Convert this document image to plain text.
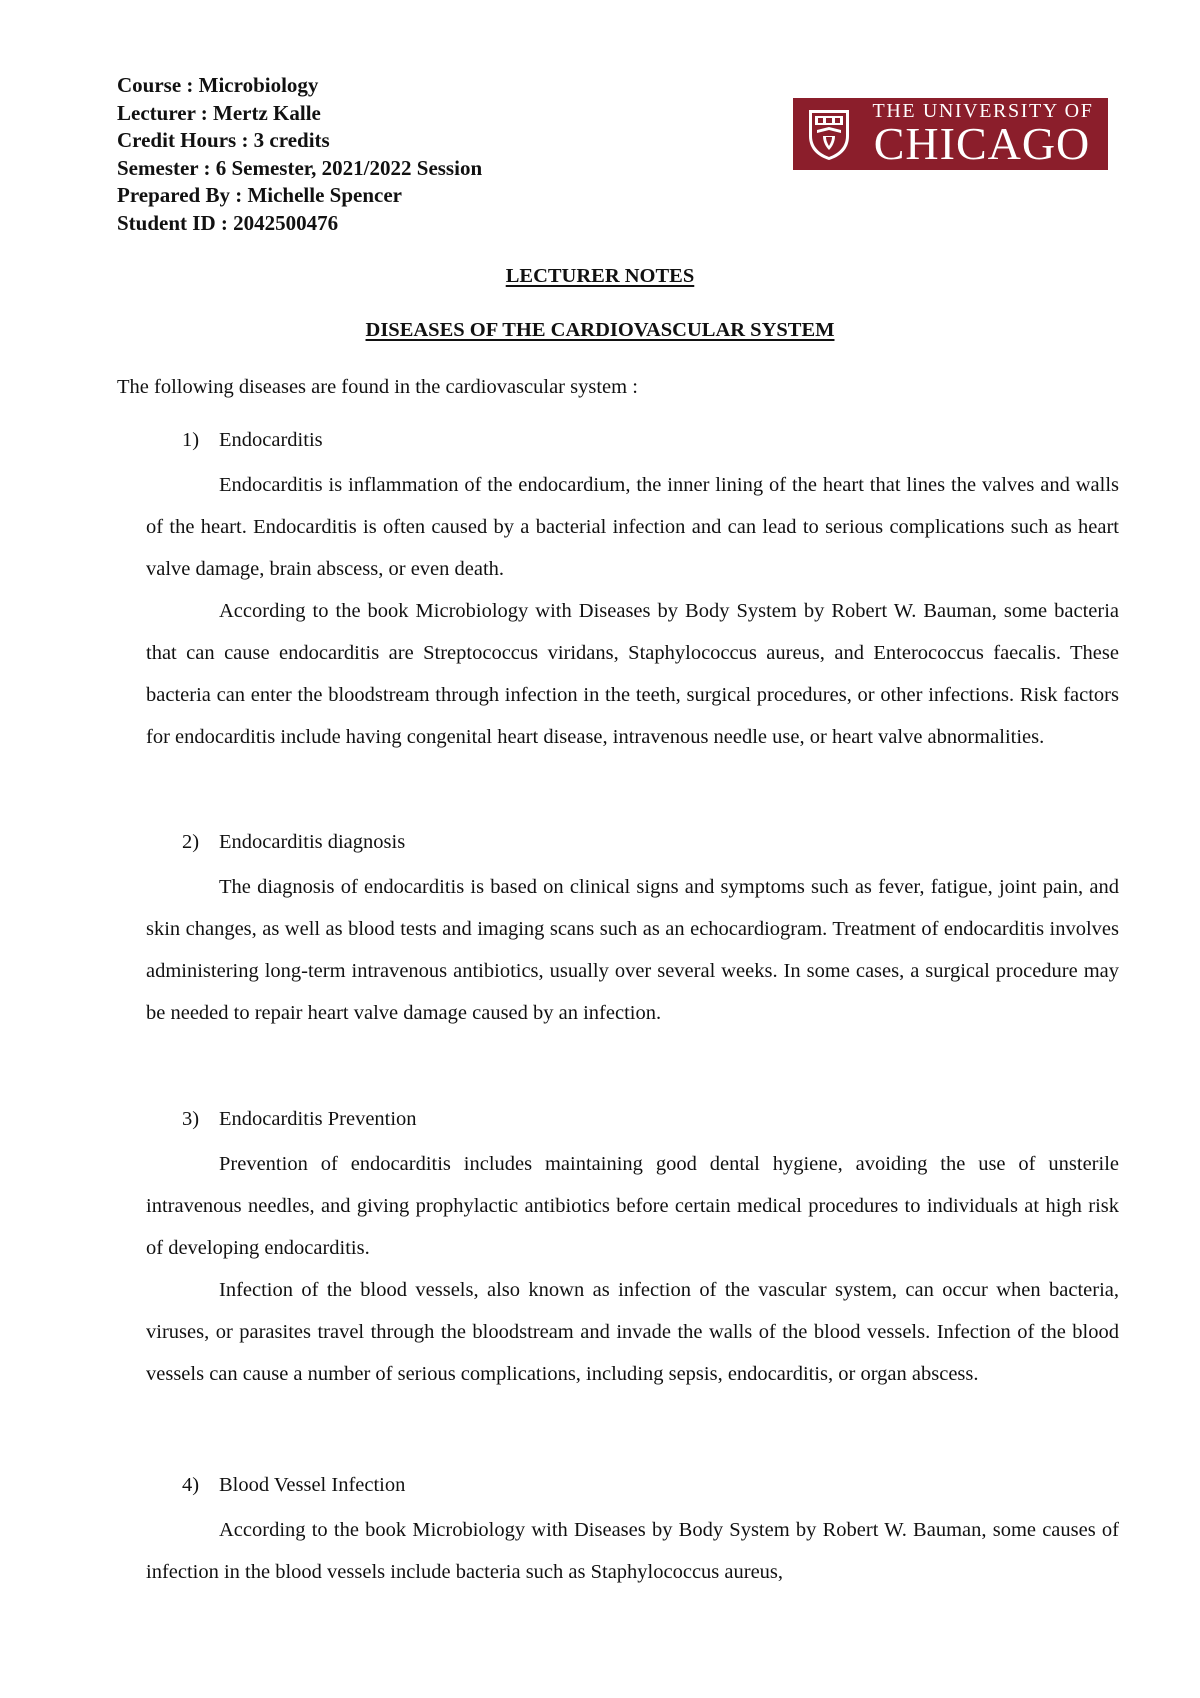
Course : Microbiology
Lecturer : Mertz Kalle
Credit Hours : 3 credits
Semester : 6 Semester, 2021/2022 Session
Prepared By : Michelle Spencer
Student ID : 2042500476
THE UNIVERSITY OF
CHICAGO
LECTURER NOTES
DISEASES OF THE CARDIOVASCULAR SYSTEM
The following diseases are found in the cardiovascular system :
1) Endocarditis
Endocarditis is inflammation of the endocardium, the inner lining of the heart that lines the valves and walls of the heart. Endocarditis is often caused by a bacterial infection and can lead to serious complications such as heart valve damage, brain abscess, or even death.
According to the book Microbiology with Diseases by Body System by Robert W. Bauman, some bacteria that can cause endocarditis are Streptococcus viridans, Staphylococcus aureus, and Enterococcus faecalis. These bacteria can enter the bloodstream through infection in the teeth, surgical procedures, or other infections. Risk factors for endocarditis include having congenital heart disease, intravenous needle use, or heart valve abnormalities.
2) Endocarditis diagnosis
The diagnosis of endocarditis is based on clinical signs and symptoms such as fever, fatigue, joint pain, and skin changes, as well as blood tests and imaging scans such as an echocardiogram. Treatment of endocarditis involves administering long-term intravenous antibiotics, usually over several weeks. In some cases, a surgical procedure may be needed to repair heart valve damage caused by an infection.
3) Endocarditis Prevention
Prevention of endocarditis includes maintaining good dental hygiene, avoiding the use of unsterile intravenous needles, and giving prophylactic antibiotics before certain medical procedures to individuals at high risk of developing endocarditis.
Infection of the blood vessels, also known as infection of the vascular system, can occur when bacteria, viruses, or parasites travel through the bloodstream and invade the walls of the blood vessels. Infection of the blood vessels can cause a number of serious complications, including sepsis, endocarditis, or organ abscess.
4) Blood Vessel Infection
According to the book Microbiology with Diseases by Body System by Robert W. Bauman, some causes of infection in the blood vessels include bacteria such as Staphylococcus aureus,
